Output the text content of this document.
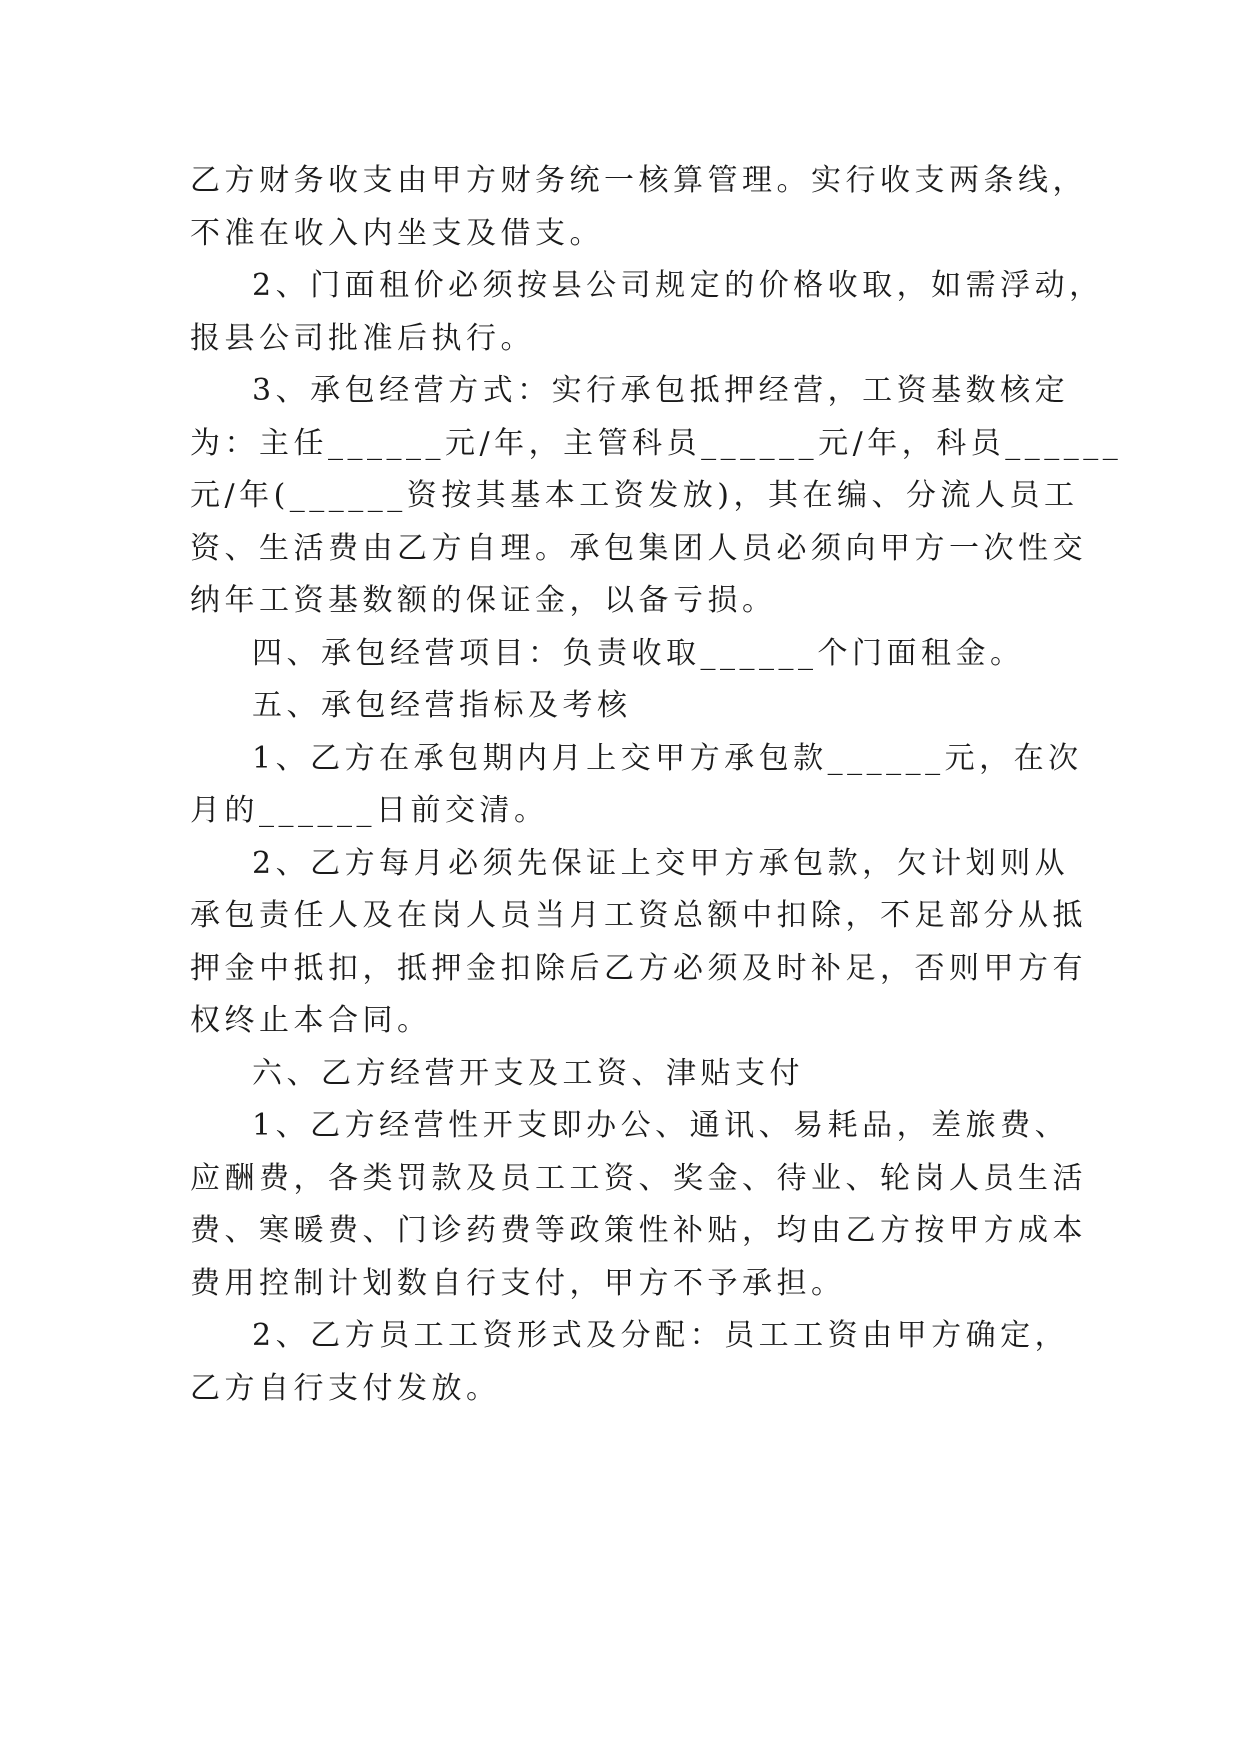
乙方财务收支由甲方财务统一核算管理。实行收支两条线，
不准在收入内坐支及借支。
2、门面租价必须按县公司规定的价格收取，如需浮动，
报县公司批准后执行。
3、承包经营方式：实行承包抵押经营，工资基数核定
为：主任______元/年，主管科员______元/年，科员______
元/年(______资按其基本工资发放)，其在编、分流人员工
资、生活费由乙方自理。承包集团人员必须向甲方一次性交
纳年工资基数额的保证金，以备亏损。
四、承包经营项目：负责收取______个门面租金。
五、承包经营指标及考核
1、乙方在承包期内月上交甲方承包款______元，在次
月的______日前交清。
2、乙方每月必须先保证上交甲方承包款，欠计划则从
承包责任人及在岗人员当月工资总额中扣除，不足部分从抵
押金中抵扣，抵押金扣除后乙方必须及时补足，否则甲方有
权终止本合同。
六、乙方经营开支及工资、津贴支付
1、乙方经营性开支即办公、通讯、易耗品，差旅费、
应酬费，各类罚款及员工工资、奖金、待业、轮岗人员生活
费、寒暖费、门诊药费等政策性补贴，均由乙方按甲方成本
费用控制计划数自行支付，甲方不予承担。
2、乙方员工工资形式及分配：员工工资由甲方确定，
乙方自行支付发放。
